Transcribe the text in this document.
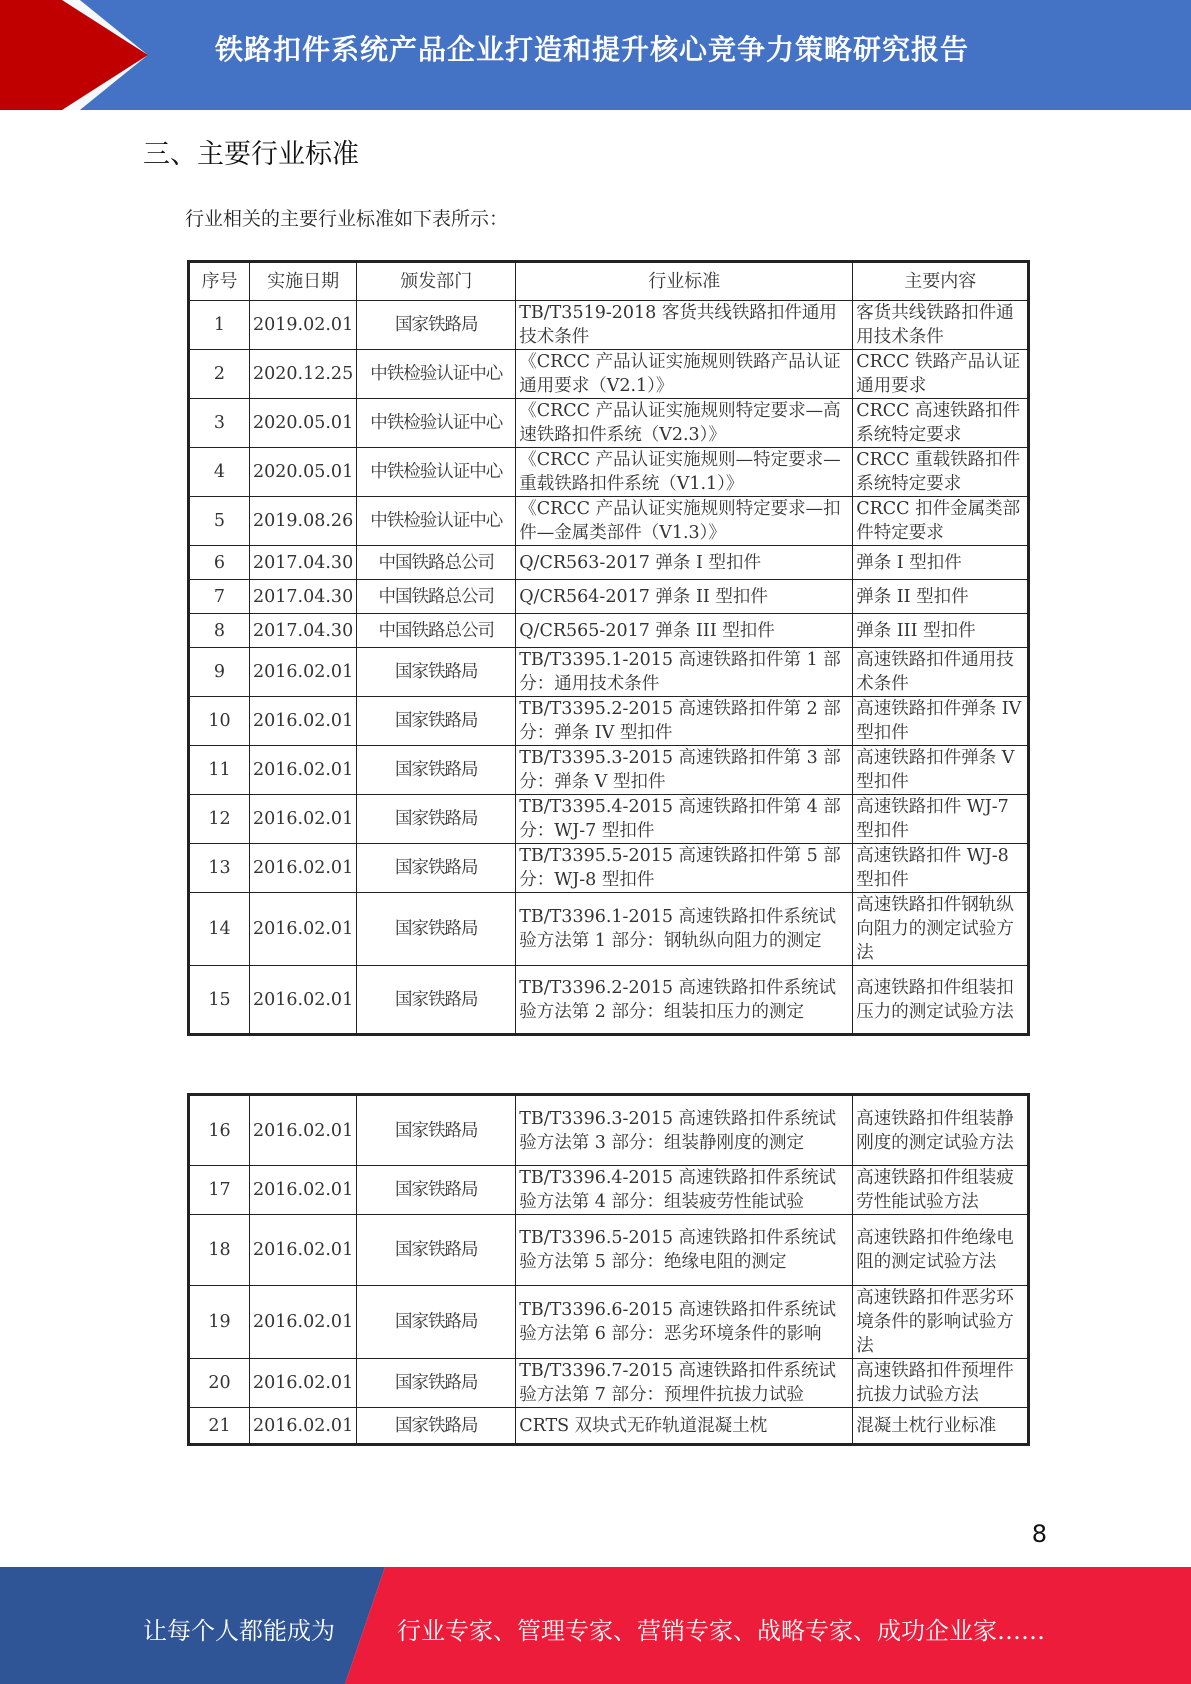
铁路扣件系统产品企业打造和提升核心竞争力策略研究报告
三、主要行业标准
行业相关的主要行业标准如下表所示：
序号	实施日期	颁发部门	行业标准	主要内容
1	2019.02.01	国家铁路局	TB/T3519-2018 客货共线铁路扣件通用技术条件	客货共线铁路扣件通用技术条件
2	2020.12.25	中铁检验认证中心	《CRCC 产品认证实施规则铁路产品认证通用要求（V2.1）》	CRCC 铁路产品认证通用要求
3	2020.05.01	中铁检验认证中心	《CRCC 产品认证实施规则特定要求—高速铁路扣件系统（V2.3）》	CRCC 高速铁路扣件系统特定要求
4	2020.05.01	中铁检验认证中心	《CRCC 产品认证实施规则—特定要求—重载铁路扣件系统（V1.1）》	CRCC 重载铁路扣件系统特定要求
5	2019.08.26	中铁检验认证中心	《CRCC 产品认证实施规则特定要求—扣件—金属类部件（V1.3）》	CRCC 扣件金属类部件特定要求
6	2017.04.30	中国铁路总公司	Q/CR563-2017 弹条 I 型扣件	弹条 I 型扣件
7	2017.04.30	中国铁路总公司	Q/CR564-2017 弹条 II 型扣件	弹条 II 型扣件
8	2017.04.30	中国铁路总公司	Q/CR565-2017 弹条 III 型扣件	弹条 III 型扣件
9	2016.02.01	国家铁路局	TB/T3395.1-2015 高速铁路扣件第 1 部分：通用技术条件	高速铁路扣件通用技术条件
10	2016.02.01	国家铁路局	TB/T3395.2-2015 高速铁路扣件第 2 部分：弹条 IV 型扣件	高速铁路扣件弹条 IV 型扣件
11	2016.02.01	国家铁路局	TB/T3395.3-2015 高速铁路扣件第 3 部分：弹条 V 型扣件	高速铁路扣件弹条 V 型扣件
12	2016.02.01	国家铁路局	TB/T3395.4-2015 高速铁路扣件第 4 部分：WJ-7 型扣件	高速铁路扣件 WJ-7 型扣件
13	2016.02.01	国家铁路局	TB/T3395.5-2015 高速铁路扣件第 5 部分：WJ-8 型扣件	高速铁路扣件 WJ-8 型扣件
14	2016.02.01	国家铁路局	TB/T3396.1-2015 高速铁路扣件系统试验方法第 1 部分：钢轨纵向阻力的测定	高速铁路扣件钢轨纵向阻力的测定试验方法
15	2016.02.01	国家铁路局	TB/T3396.2-2015 高速铁路扣件系统试验方法第 2 部分：组装扣压力的测定	高速铁路扣件组装扣压力的测定试验方法
16	2016.02.01	国家铁路局	TB/T3396.3-2015 高速铁路扣件系统试验方法第 3 部分：组装静刚度的测定	高速铁路扣件组装静刚度的测定试验方法
17	2016.02.01	国家铁路局	TB/T3396.4-2015 高速铁路扣件系统试验方法第 4 部分：组装疲劳性能试验	高速铁路扣件组装疲劳性能试验方法
18	2016.02.01	国家铁路局	TB/T3396.5-2015 高速铁路扣件系统试验方法第 5 部分：绝缘电阻的测定	高速铁路扣件绝缘电阻的测定试验方法
19	2016.02.01	国家铁路局	TB/T3396.6-2015 高速铁路扣件系统试验方法第 6 部分：恶劣环境条件的影响	高速铁路扣件恶劣环境条件的影响试验方法
20	2016.02.01	国家铁路局	TB/T3396.7-2015 高速铁路扣件系统试验方法第 7 部分：预埋件抗拔力试验	高速铁路扣件预埋件抗拔力试验方法
21	2016.02.01	国家铁路局	CRTS 双块式无砟轨道混凝土枕	混凝土枕行业标准
8
让每个人都能成为	行业专家、管理专家、营销专家、战略专家、成功企业家……
